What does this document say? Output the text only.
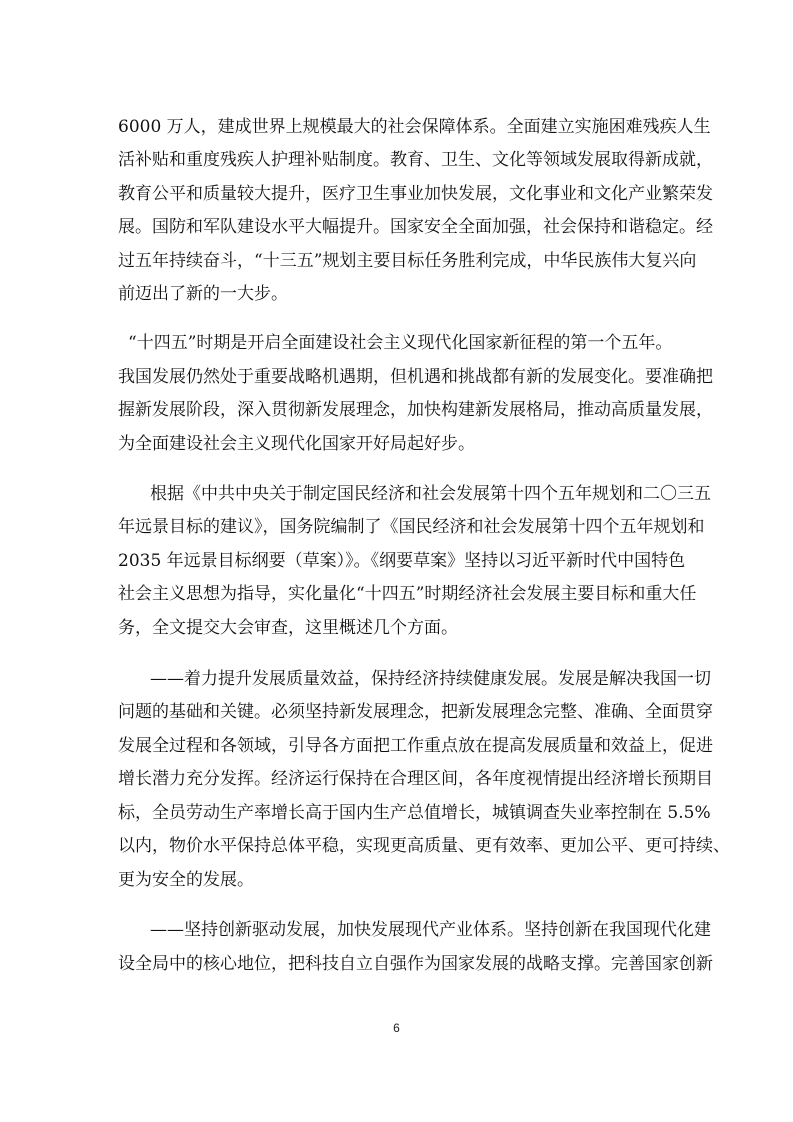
6000 万人，建成世界上规模最大的社会保障体系。全面建立实施困难残疾人生
活补贴和重度残疾人护理补贴制度。教育、卫生、文化等领域发展取得新成就，
教育公平和质量较大提升，医疗卫生事业加快发展，文化事业和文化产业繁荣发
展。国防和军队建设水平大幅提升。国家安全全面加强，社会保持和谐稳定。经
过五年持续奋斗，“十三五”规划主要目标任务胜利完成，中华民族伟大复兴向
前迈出了新的一大步。
“十四五”时期是开启全面建设社会主义现代化国家新征程的第一个五年。
我国发展仍然处于重要战略机遇期，但机遇和挑战都有新的发展变化。要准确把
握新发展阶段，深入贯彻新发展理念，加快构建新发展格局，推动高质量发展，
为全面建设社会主义现代化国家开好局起好步。
根据《中共中央关于制定国民经济和社会发展第十四个五年规划和二〇三五
年远景目标的建议》，国务院编制了《国民经济和社会发展第十四个五年规划和
2035 年远景目标纲要（草案）》。《纲要草案》坚持以习近平新时代中国特色
社会主义思想为指导，实化量化“十四五”时期经济社会发展主要目标和重大任
务，全文提交大会审查，这里概述几个方面。
——着力提升发展质量效益，保持经济持续健康发展。发展是解决我国一切
问题的基础和关键。必须坚持新发展理念，把新发展理念完整、准确、全面贯穿
发展全过程和各领域，引导各方面把工作重点放在提高发展质量和效益上，促进
增长潜力充分发挥。经济运行保持在合理区间，各年度视情提出经济增长预期目
标，全员劳动生产率增长高于国内生产总值增长，城镇调查失业率控制在 5.5%
以内，物价水平保持总体平稳，实现更高质量、更有效率、更加公平、更可持续、
更为安全的发展。
——坚持创新驱动发展，加快发展现代产业体系。坚持创新在我国现代化建
设全局中的核心地位，把科技自立自强作为国家发展的战略支撑。完善国家创新
6
